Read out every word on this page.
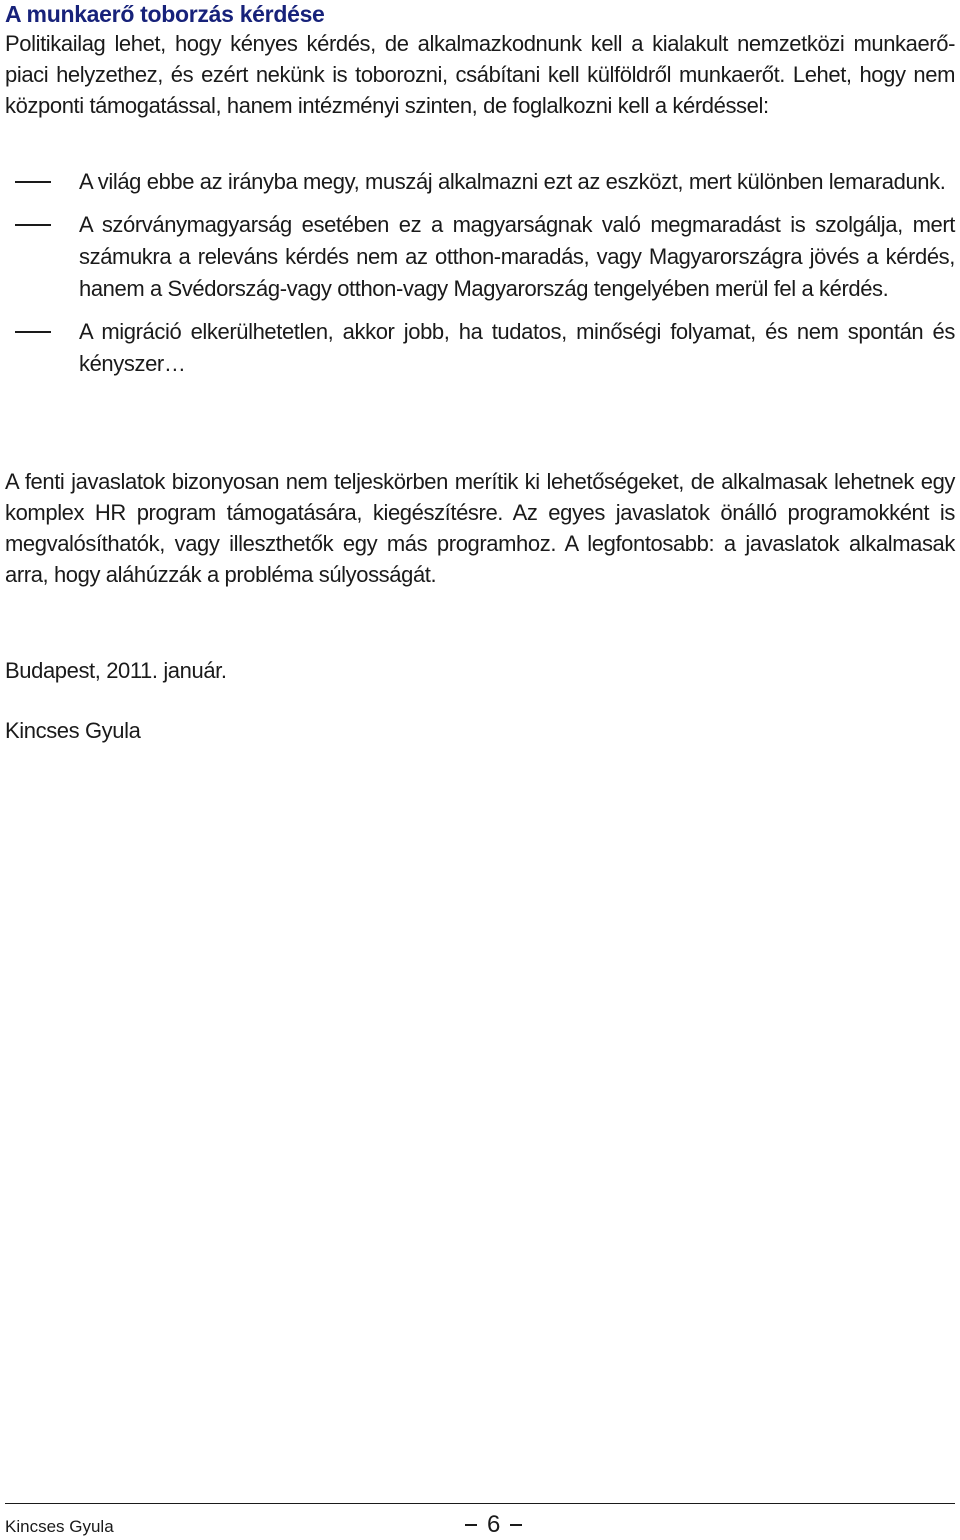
A munkaerő toborzás kérdése
Politikailag lehet, hogy kényes kérdés, de alkalmazkodnunk kell a kialakult nemzetközi munkaerő-piaci helyzethez, és ezért nekünk is toborozni, csábítani kell külföldről munkaerőt. Lehet, hogy nem központi támogatással, hanem intézményi szinten, de foglalkozni kell a kérdéssel:
A világ ebbe az irányba megy, muszáj alkalmazni ezt az eszközt, mert különben lemaradunk.
A szórványmagyarság esetében ez a magyarságnak való megmaradást is szolgálja, mert számukra a releváns kérdés nem az otthon-maradás, vagy Magyarországra jövés a kérdés, hanem a Svédország-vagy otthon-vagy Magyarország tengelyében merül fel a kérdés.
A migráció elkerülhetetlen, akkor jobb, ha tudatos, minőségi folyamat, és nem spontán és kényszer…
A fenti javaslatok bizonyosan nem teljeskörben merítik ki lehetőségeket, de alkalmasak lehetnek egy komplex HR program támogatására, kiegészítésre. Az egyes javaslatok önálló programokként is megvalósíthatók, vagy illeszthetők egy más programhoz. A legfontosabb: a javaslatok alkalmasak arra, hogy aláhúzzák a probléma súlyosságát.
Budapest, 2011. január.
Kincses Gyula
Kincses Gyula	6
